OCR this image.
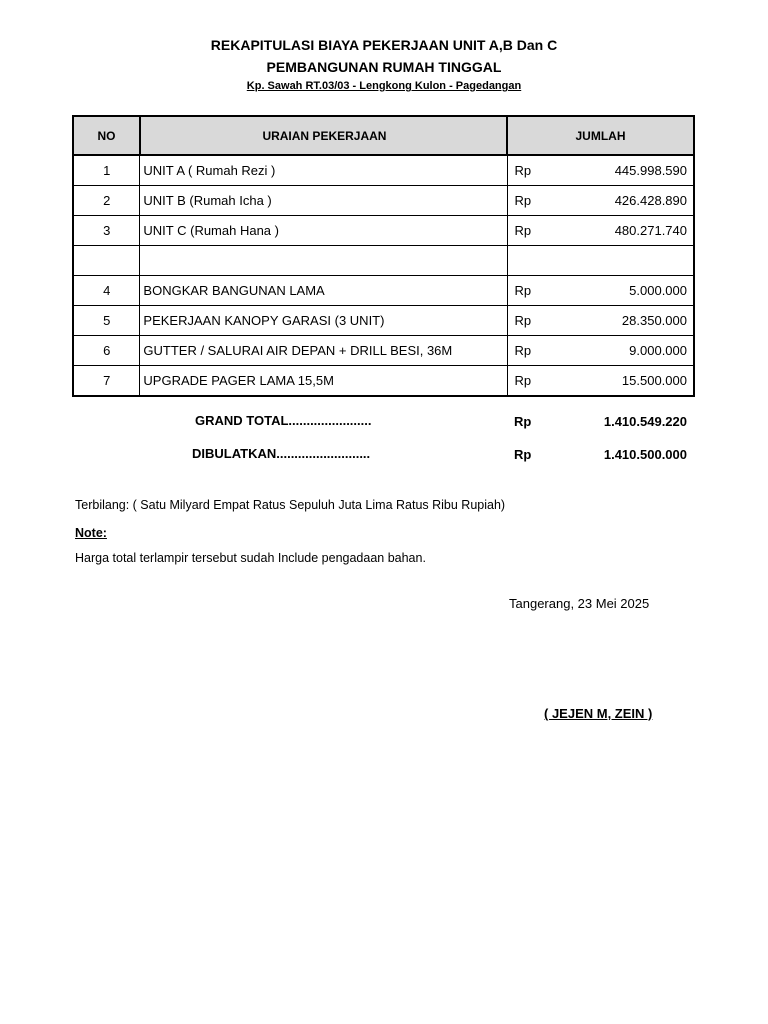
REKAPITULASI BIAYA PEKERJAAN UNIT A,B Dan C
PEMBANGUNAN RUMAH TINGGAL
Kp. Sawah RT.03/03 - Lengkong Kulon - Pagedangan
NO	URAIAN PEKERJAAN	JUMLAH
1	UNIT A ( Rumah Rezi )	Rp 445.998.590

2	UNIT B (Rumah Icha )	Rp 426.428.890

3	UNIT C (Rumah Hana )	Rp 480.271.740

4	BONGKAR BANGUNAN LAMA	Rp 5.000.000

5	PEKERJAAN KANOPY GARASI (3 UNIT)	Rp 28.350.000

6	GUTTER / SALURAI AIR DEPAN + DRILL BESI, 36M	Rp 9.000.000

7	UPGRADE PAGER LAMA 15,5M	Rp 15.500.000
GRAND TOTAL.......................	Rp	1.410.549.220
DIBULATKAN..........................	Rp	1.410.500.000
Terbilang: ( Satu Milyard Empat Ratus Sepuluh Juta Lima Ratus Ribu Rupiah)
Note:
Harga total terlampir tersebut sudah Include pengadaan bahan.
Tangerang, 23 Mei 2025
( JEJEN M, ZEIN )
